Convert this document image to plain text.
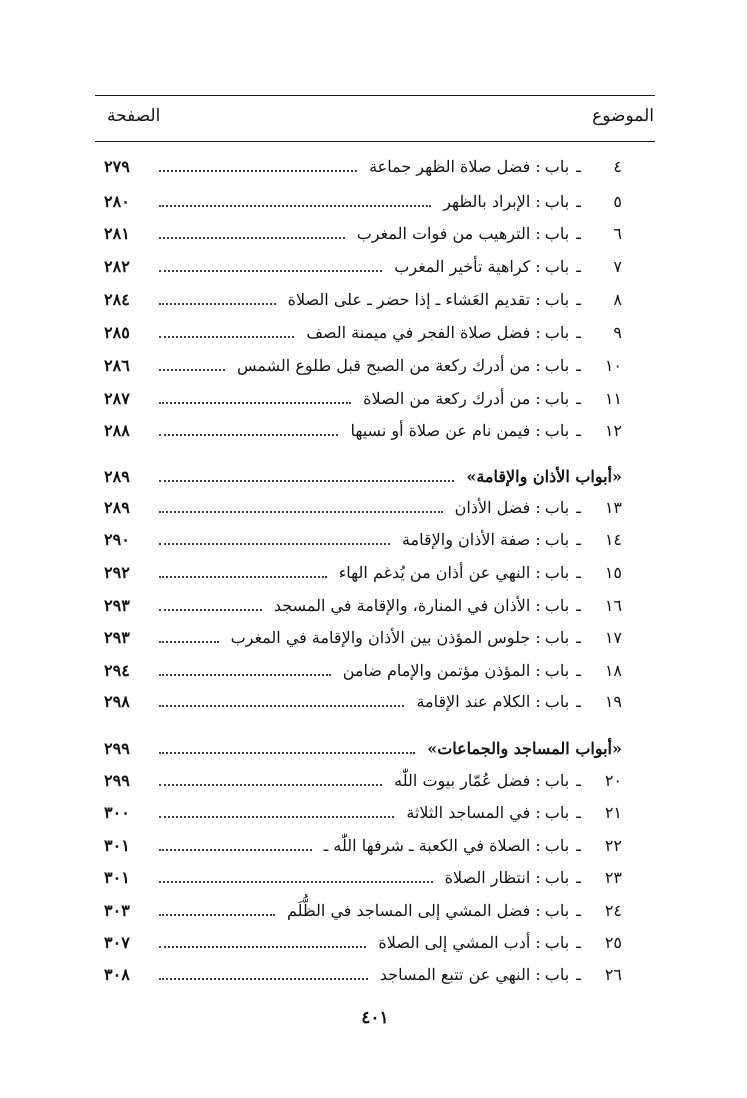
الموضوع
الصفحة
٤ ـ باب: فضل صلاة الظهر جماعة
٢٧٩
٥ ـ باب: الإبراد بالظهر
٢٨٠
٦ ـ باب: الترهيب من فوات المغرب
٢٨١
٧ ـ باب: كراهية تأخير المغرب
٢٨٢
٨ ـ باب: تقديم العَشاء ـ إذا حضر ـ على الصلاة
٢٨٤
٩ ـ باب: فضل صلاة الفجر في ميمنة الصف
٢٨٥
١٠ ـ باب: من أدرك ركعة من الصبح قبل طلوع الشمس
٢٨٦
١١ ـ باب: من أدرك ركعة من الصلاة
٢٨٧
١٢ ـ باب: فيمن نام عن صلاة أو نسيها
٢٨٨
«أبواب الأذان والإقامة»
٢٨٩
١٣ ـ باب: فضل الأذان
٢٨٩
١٤ ـ باب: صفة الأذان والإقامة
٢٩٠
١٥ ـ باب: النهي عن أذان من يُدغم الهاء
٢٩٢
١٦ ـ باب: الأذان في المنارة، والإقامة في المسجد
٢٩٣
١٧ ـ باب: جلوس المؤذن بين الأذان والإقامة في المغرب
٢٩٣
١٨ ـ باب: المؤذن مؤتمن والإمام ضامن
٢٩٤
١٩ ـ باب: الكلام عند الإقامة
٢٩٨
«أبواب المساجد والجماعات»
٢٩٩
٢٠ ـ باب: فضل عُمّار بيوت اللّٰه
٢٩٩
٢١ ـ باب: في المساجد الثلاثة
٣٠٠
٢٢ ـ باب: الصلاة في الكعبة ـ شرفها اللّٰه ـ
٣٠١
٢٣ ـ باب: انتظار الصلاة
٣٠١
٢٤ ـ باب: فضل المشي إلى المساجد في الظُّلَم
٣٠٣
٢٥ ـ باب: أدب المشي إلى الصلاة
٣٠٧
٢٦ ـ باب: النهي عن تتبع المساجد
٣٠٨
٤٠١
